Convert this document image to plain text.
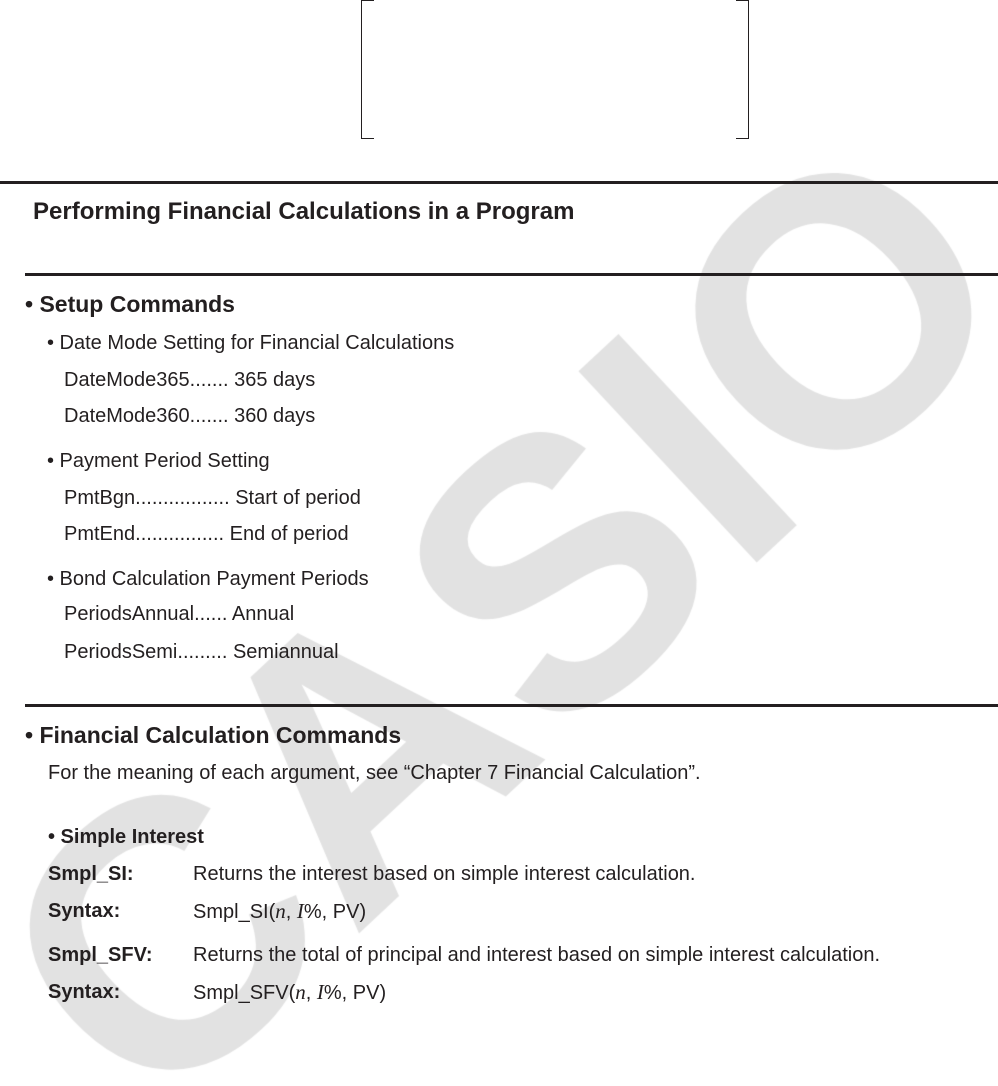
Performing Financial Calculations in a Program
• Setup Commands
• Date Mode Setting for Financial Calculations
DateMode365....... 365 days
DateMode360....... 360 days
• Payment Period Setting
PmtBgn................. Start of period
PmtEnd................ End of period
• Bond Calculation Payment Periods
PeriodsAnnual...... Annual
PeriodsSemi......... Semiannual
• Financial Calculation Commands
For the meaning of each argument, see “Chapter 7 Financial Calculation”.
• Simple Interest
Smpl_SI:	Returns the interest based on simple interest calculation.
Syntax:	Smpl_SI(n, I%, PV)
Smpl_SFV: Returns the total of principal and interest based on simple interest calculation.
Syntax:	Smpl_SFV(n, I%, PV)
